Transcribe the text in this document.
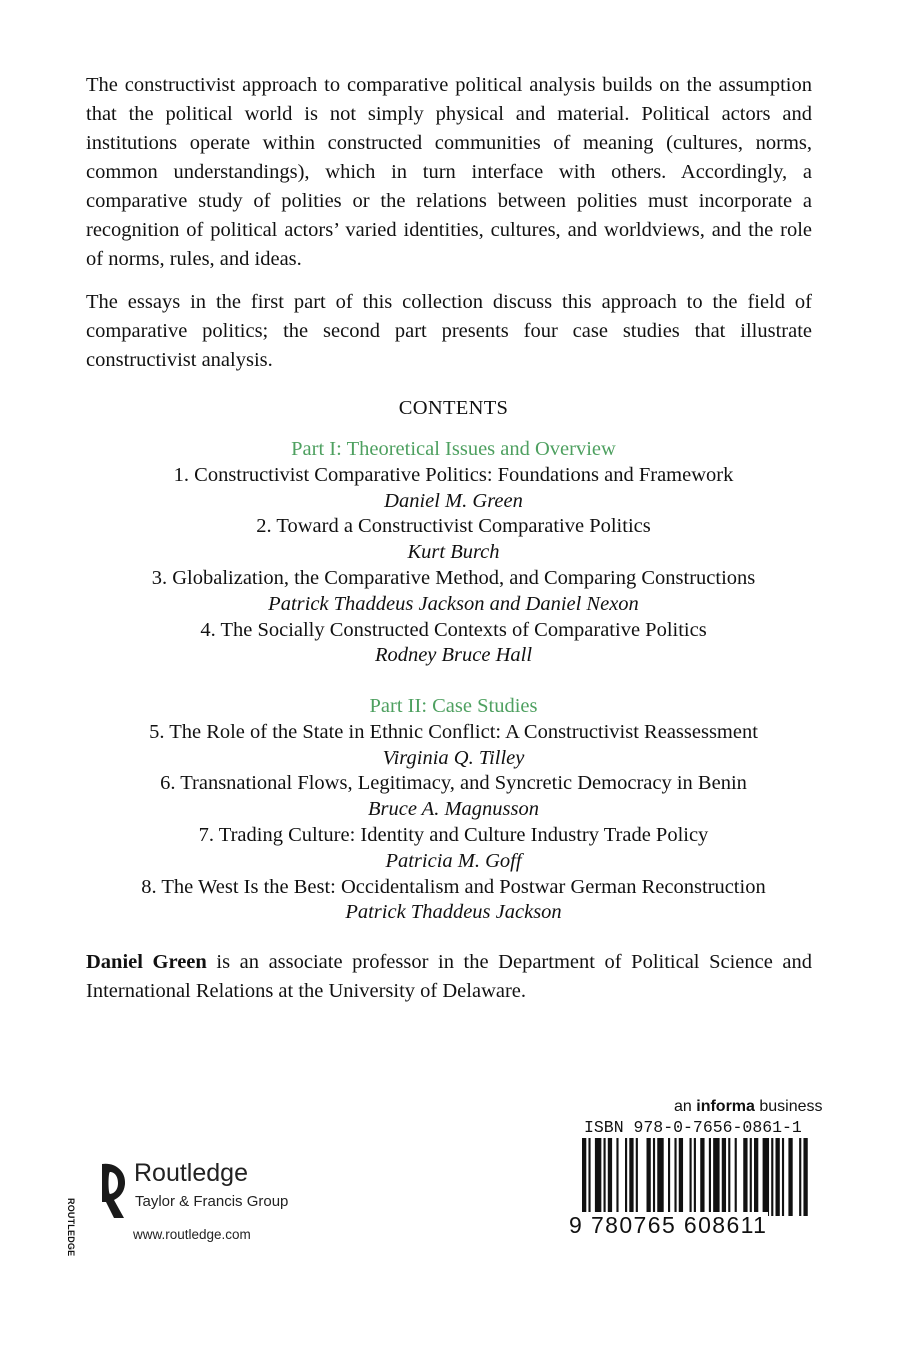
The constructivist approach to comparative political analysis builds on the assumption that the political world is not simply physical and material. Political actors and institutions operate within constructed communities of meaning (cultures, norms, common understandings), which in turn interface with others. Accordingly, a comparative study of polities or the relations between polities must incorporate a recognition of political actors’ varied identities, cultures, and worldviews, and the role of norms, rules, and ideas.

The essays in the first part of this collection discuss this approach to the field of comparative politics; the second part presents four case studies that illustrate constructivist analysis.

CONTENTS
Part I: Theoretical Issues and Overview
1. Constructivist Comparative Politics: Foundations and Framework
Daniel M. Green
2. Toward a Constructivist Comparative Politics
Kurt Burch
3. Globalization, the Comparative Method, and Comparing Constructions
Patrick Thaddeus Jackson and Daniel Nexon
4. The Socially Constructed Contexts of Comparative Politics
Rodney Bruce Hall
Part II: Case Studies
5. The Role of the State in Ethnic Conflict: A Constructivist Reassessment
Virginia Q. Tilley
6. Transnational Flows, Legitimacy, and Syncretic Democracy in Benin
Bruce A. Magnusson
7. Trading Culture: Identity and Culture Industry Trade Policy
Patricia M. Goff
8. The West Is the Best: Occidentalism and Postwar German Reconstruction
Patrick Thaddeus Jackson

Daniel Green is an associate professor in the Department of Political Science and International Relations at the University of Delaware.

ROUTLEDGE
Routledge
Taylor & Francis Group
www.routledge.com
an informa business
ISBN 978-0-7656-0861-1
9 780765 608611
